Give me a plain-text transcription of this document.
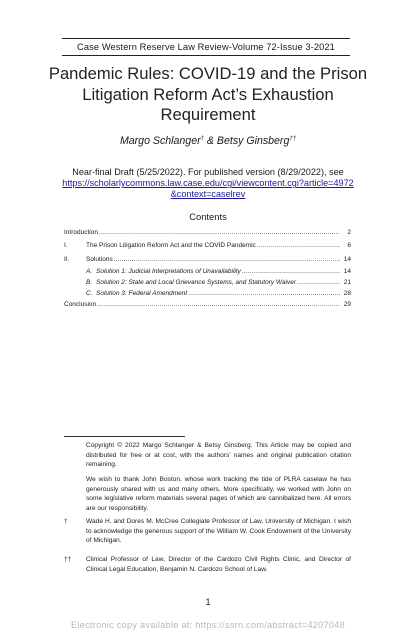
Case Western Reserve Law Review-Volume 72-Issue 3-2021
Pandemic Rules: COVID-19 and the Prison
Litigation Reform Act’s Exhaustion
Requirement
Margo Schlanger† & Betsy Ginsberg††
Near-final Draft (5/25/2022). For published version (8/29/2022), see
https://scholarlycommons.law.case.edu/cgi/viewcontent.cgi?article=4972
&context=caselrev
Contents
Introduction .....	2
I.	The Prison Litigation Reform Act and the COVID Pandemic .....	6
II.	Solutions .....	14
A. Solution 1: Judicial Interpretations of Unavailability .....	14
B. Solution 2: State and Local Grievance Systems, and Statutory Waiver .....	21
C. Solution 3: Federal Amendment .....	28
Conclusion .....	29

Copyright © 2022 Margo Schlanger & Betsy Ginsberg. This Article may be copied and distributed for free or at cost, with the authors’ names and original publication citation remaining.

We wish to thank John Boston, whose work tracking the tide of PLRA caselaw he has generously shared with us and many others. More specifically, we worked with John on some legislative reform materials several pages of which are cannibalized here. All errors are our responsibility.

†	Wade H. and Dores M. McCree Collegiate Professor of Law, University of Michigan. I wish to acknowledge the generous support of the William W. Cook Endowment of the University of Michigan.

††	Clinical Professor of Law, Director of the Cardozo Civil Rights Clinic, and Director of Clinical Legal Education, Benjamin N. Cardozo School of Law.

1
Electronic copy available at: https://ssrn.com/abstract=4207048
